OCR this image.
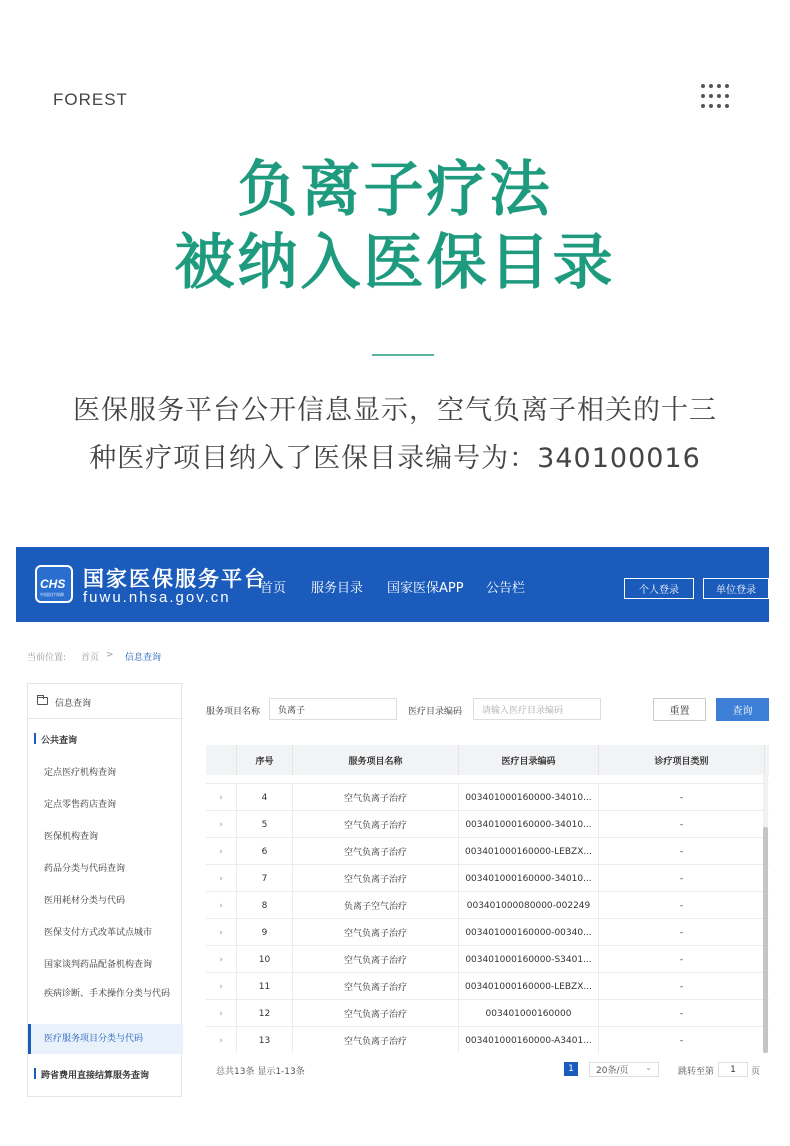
FOREST
负离子疗法
被纳入医保目录
医保服务平台公开信息显示，空气负离子相关的十三
种医疗项目纳入了医保目录编号为：340100016
CHS
中国医疗保障
国家医保服务平台
fuwu.nhsa.gov.cn
首页 服务目录 国家医保APP 公告栏	个人登录	单位登录
当前位置: 首页 > 信息查询
信息查询
公共查询
定点医疗机构查询
定点零售药店查询
医保机构查询
药品分类与代码查询
医用耗材分类与代码
医保支付方式改革试点城市
国家谈判药品配备机构查询
疾病诊断、手术操作分类与代码
医疗服务项目分类与代码
跨省费用直接结算服务查询
服务项目名称	负离子	医疗目录编码	请输入医疗目录编码	重置	查询
序号	服务项目名称	医疗目录编码	诊疗项目类别
›	4	空气负离子治疗	003401000160000-34010...	-
›	5	空气负离子治疗	003401000160000-34010...	-
›	6	空气负离子治疗	003401000160000-LEBZX...	-
›	7	空气负离子治疗	003401000160000-34010...	-
›	8	负离子空气治疗	003401000080000-002249	-
›	9	空气负离子治疗	003401000160000-00340...	-
›	10	空气负离子治疗	003401000160000-S3401...	-
›	11	空气负离子治疗	003401000160000-LEBZX...	-
›	12	空气负离子治疗	003401000160000	-
›	13	空气负离子治疗	003401000160000-A3401...	-
总共13条 显示1-13条	1	20条/页 ⌄	跳转至第	1	页
